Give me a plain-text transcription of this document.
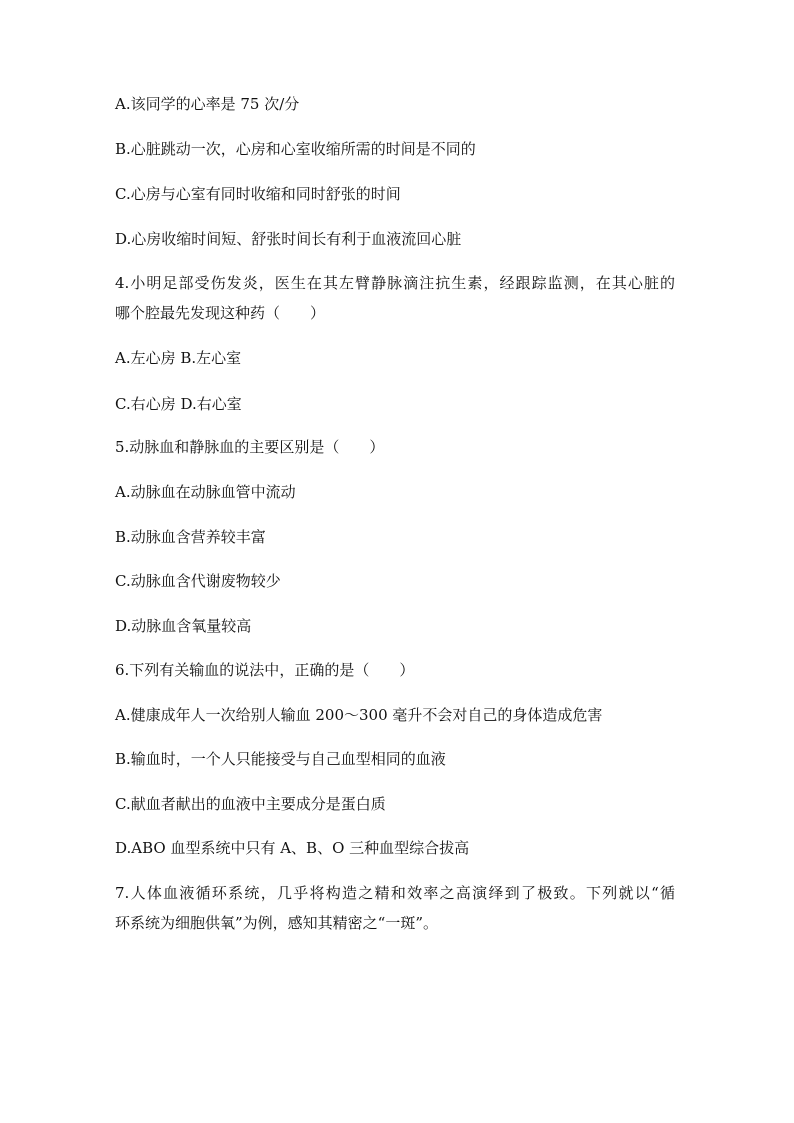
A.该同学的心率是 75 次/分
B.心脏跳动一次，心房和心室收缩所需的时间是不同的
C.心房与心室有同时收缩和同时舒张的时间
D.心房收缩时间短、舒张时间长有利于血液流回心脏
4.小明足部受伤发炎，医生在其左臂静脉滴注抗生素，经跟踪监测，在其心脏的
哪个腔最先发现这种药（　　）
A.左心房 B.左心室
C.右心房 D.右心室
5.动脉血和静脉血的主要区别是（　　）
A.动脉血在动脉血管中流动
B.动脉血含营养较丰富
C.动脉血含代谢废物较少
D.动脉血含氧量较高
6.下列有关输血的说法中，正确的是（　　）
A.健康成年人一次给别人输血 200～300 毫升不会对自己的身体造成危害
B.输血时，一个人只能接受与自己血型相同的血液
C.献血者献出的血液中主要成分是蛋白质
D.ABO 血型系统中只有 A、B、O 三种血型综合拔高
7.人体血液循环系统，几乎将构造之精和效率之高演绎到了极致。下列就以“循
环系统为细胞供氧”为例，感知其精密之“一斑”。
